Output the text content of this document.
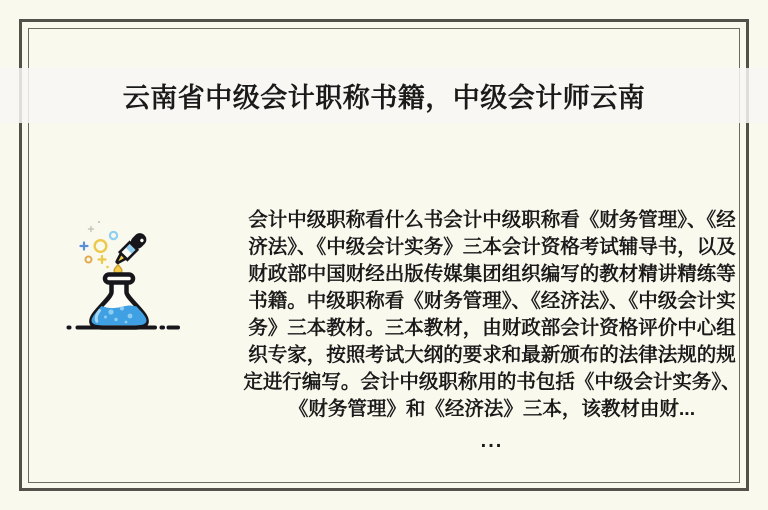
云南省中级会计职称书籍，中级会计师云南

会计中级职称看什么书会计中级职称看《财务管理》、《经济法》、《中级会计实务》三本会计资格考试辅导书，以及财政部中国财经出版传媒集团组织编写的教材精讲精练等书籍。中级职称看《财务管理》、《经济法》、《中级会计实务》三本教材。三本教材，由财政部会计资格评价中心组织专家，按照考试大纲的要求和最新颁布的法律法规的规定进行编写。会计中级职称用的书包括《中级会计实务》、《财务管理》和《经济法》三本，该教材由财...

...
